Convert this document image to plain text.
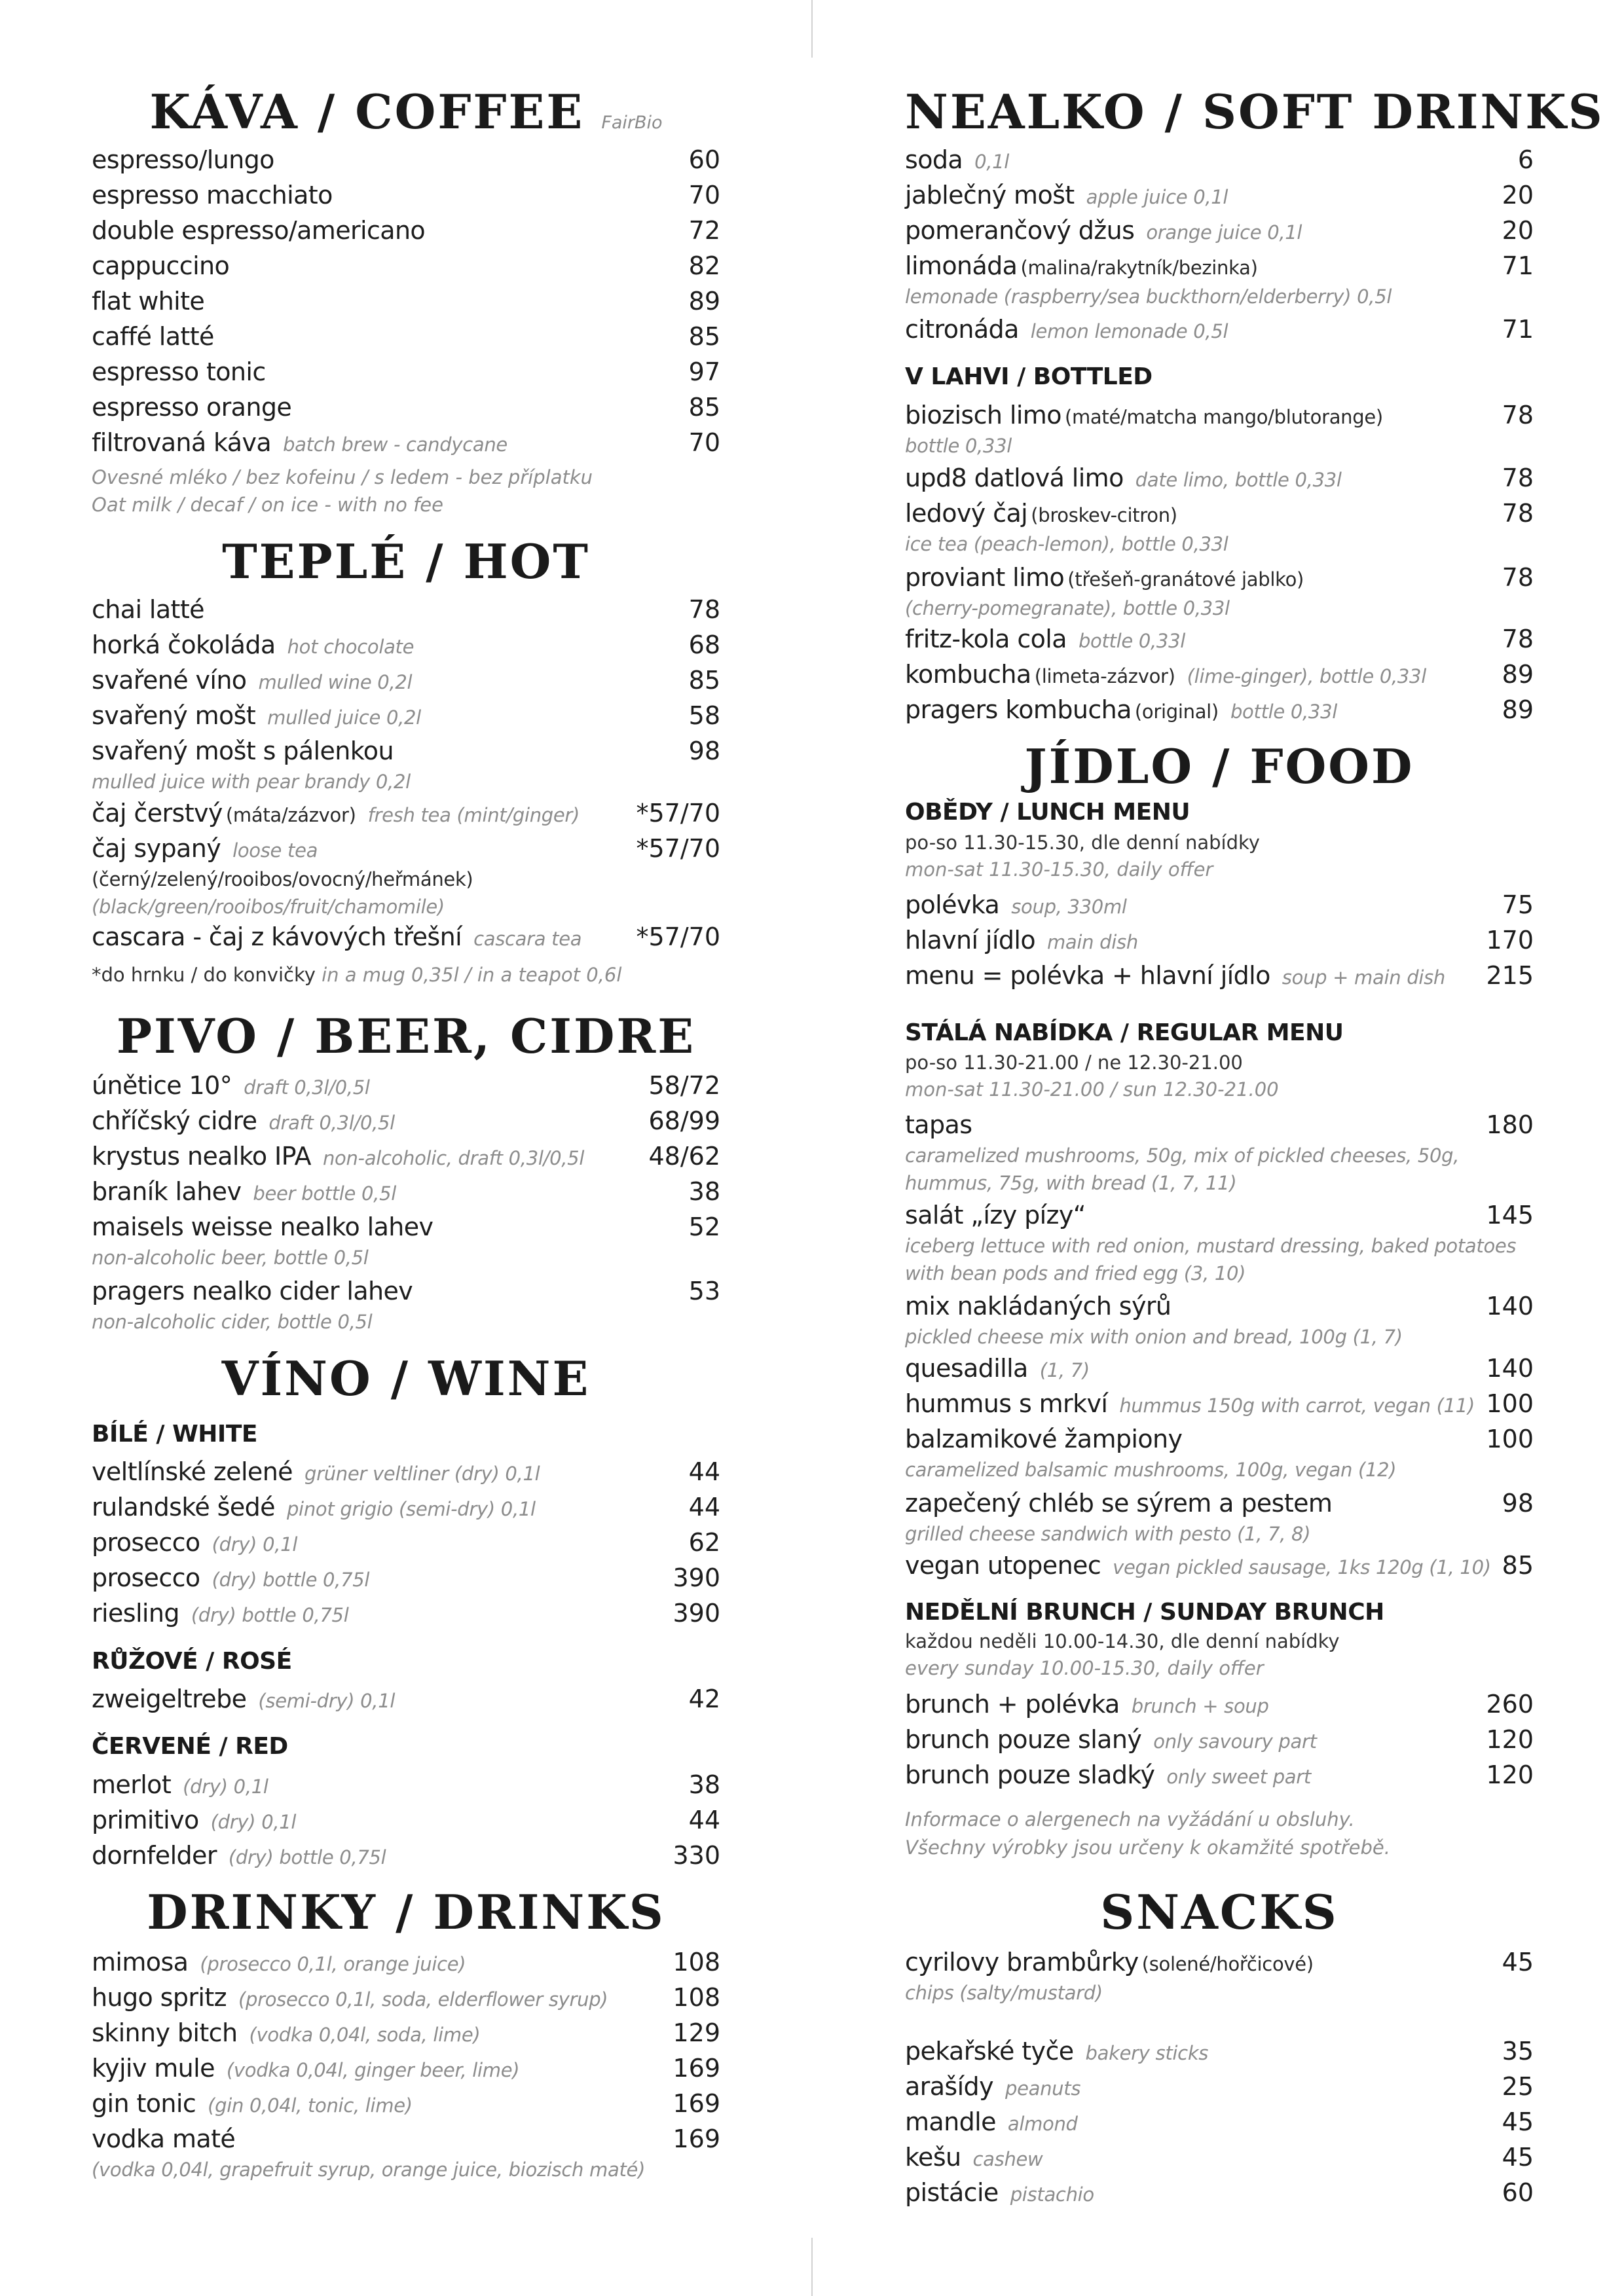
KÁVA / COFFEE FairBio
espresso/lungo	60
espresso macchiato	70
double espresso/americano	72
cappuccino	82
flat white	89
caffé latté	85
espresso tonic	97
espresso orange	85
filtrovaná káva batch brew - candycane	70
Ovesné mléko / bez kofeinu / s ledem - bez příplatku
Oat milk / decaf / on ice - with no fee
TEPLÉ / HOT
chai latté	78
horká čokoláda hot chocolate	68
svařené víno mulled wine 0,2l	85
svařený mošt mulled juice 0,2l	58
svařený mošt s pálenkou	98
mulled juice with pear brandy 0,2l
čaj čerstvý (máta/zázvor) fresh tea (mint/ginger) *57/70
čaj sypaný loose tea	*57/70
(černý/zelený/rooibos/ovocný/heřmánek)
(black/green/rooibos/fruit/chamomile)
cascara - čaj z kávových třešní cascara tea *57/70
*do hrnku / do konvičky in a mug 0,35l / in a teapot 0,6l
PIVO / BEER, CIDRE
únětice 10° draft 0,3l/0,5l	58/72
chříčský cidre draft 0,3l/0,5l	68/99
krystus nealko IPA non-alcoholic, draft 0,3l/0,5l	48/62
braník lahev beer bottle 0,5l	38
maisels weisse nealko lahev	52
non-alcoholic beer, bottle 0,5l
pragers nealko cider lahev	53
non-alcoholic cider, bottle 0,5l
VÍNO / WINE
BÍLÉ / WHITE
veltlínské zelené grüner veltliner (dry) 0,1l	44
rulandské šedé pinot grigio (semi-dry) 0,1l	44
prosecco (dry) 0,1l	62
prosecco (dry) bottle 0,75l	390
riesling (dry) bottle 0,75l	390
RŮŽOVÉ / ROSÉ
zweigeltrebe (semi-dry) 0,1l	42
ČERVENÉ / RED
merlot (dry) 0,1l	38
primitivo (dry) 0,1l	44
dornfelder (dry) bottle 0,75l	330
DRINKY / DRINKS
mimosa (prosecco 0,1l, orange juice)	108
hugo spritz (prosecco 0,1l, soda, elderflower syrup)	108
skinny bitch (vodka 0,04l, soda, lime)	129
kyjiv mule (vodka 0,04l, ginger beer, lime)	169
gin tonic (gin 0,04l, tonic, lime)	169
vodka maté	169
(vodka 0,04l, grapefruit syrup, orange juice, biozisch maté)
NEALKO / SOFT DRINKS
soda 0,1l	6
jablečný mošt apple juice 0,1l	20
pomerančový džus orange juice 0,1l	20
limonáda (malina/rakytník/bezinka)	71
lemonade (raspberry/sea buckthorn/elderberry) 0,5l
citronáda lemon lemonade 0,5l	71
V LAHVI / BOTTLED
biozisch limo (maté/matcha mango/blutorange)	78
bottle 0,33l
upd8 datlová limo date limo, bottle 0,33l	78
ledový čaj (broskev-citron)	78
ice tea (peach-lemon), bottle 0,33l
proviant limo (třešeň-granátové jablko)	78
(cherry-pomegranate), bottle 0,33l
fritz-kola cola bottle 0,33l	78
kombucha (limeta-zázvor) (lime-ginger), bottle 0,33l	89
pragers kombucha (original) bottle 0,33l	89
JÍDLO / FOOD
OBĚDY / LUNCH MENU
po-so 11.30-15.30, dle denní nabídky
mon-sat 11.30-15.30, daily offer
polévka soup, 330ml	75
hlavní jídlo main dish	170
menu = polévka + hlavní jídlo soup + main dish 215
STÁLÁ NABÍDKA / REGULAR MENU
po-so 11.30-21.00 / ne 12.30-21.00
mon-sat 11.30-21.00 / sun 12.30-21.00
tapas	180
caramelized mushrooms, 50g, mix of pickled cheeses, 50g,
hummus, 75g, with bread (1, 7, 11)
salát „ízy pízy“	145
iceberg lettuce with red onion, mustard dressing, baked potatoes
with bean pods and fried egg (3, 10)
mix nakládaných sýrů	140
pickled cheese mix with onion and bread, 100g (1, 7)
quesadilla (1, 7)	140
hummus s mrkví hummus 150g with carrot, vegan (11) 100
balzamikové žampiony	100
caramelized balsamic mushrooms, 100g, vegan (12)
zapečený chléb se sýrem a pestem	98
grilled cheese sandwich with pesto (1, 7, 8)
vegan utopenec vegan pickled sausage, 1ks 120g (1, 10) 85
NEDĚLNÍ BRUNCH / SUNDAY BRUNCH
každou neděli 10.00-14.30, dle denní nabídky
every sunday 10.00-15.30, daily offer
brunch + polévka brunch + soup	260
brunch pouze slaný only savoury part	120
brunch pouze sladký only sweet part	120
Informace o alergenech na vyžádání u obsluhy.
Všechny výrobky jsou určeny k okamžité spotřebě.
SNACKS
cyrilovy brambůrky (solené/hořčicové)	45
chips (salty/mustard)
pekařské tyče bakery sticks	35
arašídy peanuts	25
mandle almond	45
kešu cashew	45
pistácie pistachio	60
